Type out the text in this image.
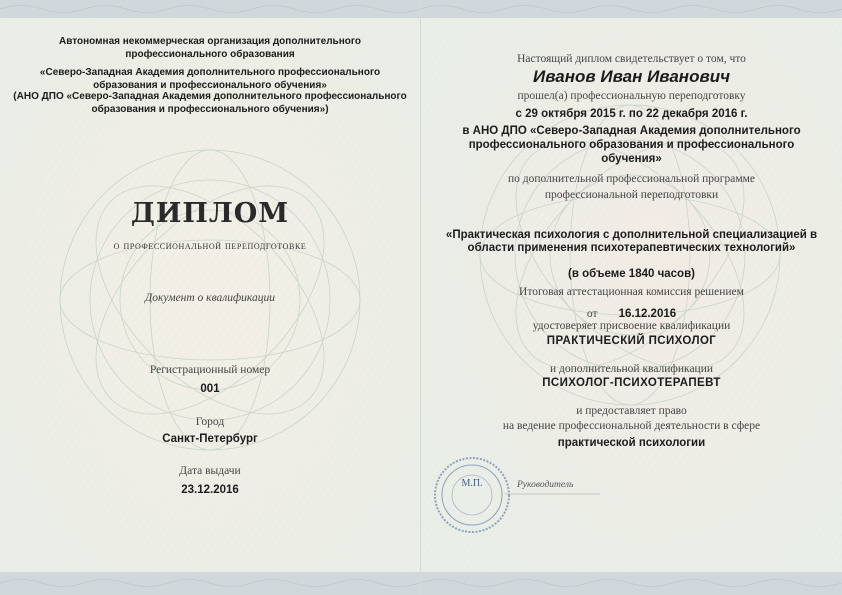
Автономная некоммерческая организация дополнительного профессионального образования
«Северо-Западная Академия дополнительного профессионального образования и профессионального обучения»
(АНО ДПО «Северо-Западная Академия дополнительного профессионального образования и профессионального обучения»)
ДИПЛОМ
о профессиональной переподготовке
Документ о квалификации
Регистрационный номер
001
Город
Санкт-Петербург
Дата выдачи
23.12.2016
Настоящий диплом свидетельствует о том, что
Иванов Иван Иванович
прошел(а) профессиональную переподготовку
с 29 октября 2015 г. по 22 декабря 2016 г.
в АНО ДПО «Северо-Западная Академия дополнительного
профессионального образования и профессионального
обучения»
по дополнительной профессиональной программе
профессиональной переподготовки
«Практическая психология с дополнительной специализацией в
области применения психотерапевтических технологий»
(в объеме 1840 часов)
Итоговая аттестационная комиссия решением
от 16.12.2016
удостоверяет присвоение квалификации
ПРАКТИЧЕСКИЙ ПСИХОЛОГ
и дополнительной квалификации
ПСИХОЛОГ-ПСИХОТЕРАПЕВТ
и предоставляет право
на ведение профессиональной деятельности в сфере
практической психологии
М.П.	Руководитель
